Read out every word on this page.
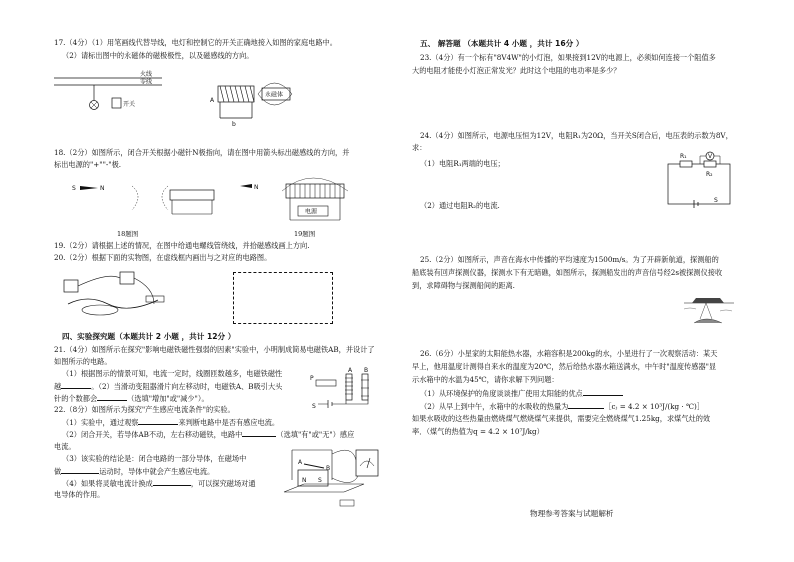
17.（4分）（1）用笔画线代替导线，电灯和控制它的开关正确地接入如图的家庭电路中。
（2）请标出图中的永磁体的磁极极性，以及磁感线的方向。
火线
零线
开关
A
永磁体
b
18.（2分）如图所示，闭合开关根据小磁针N极指向，请在图中用箭头标出磁感线的方向，并
标出电源的"+""-"极.
S	N
18题图
N
电源
19题图
19.（2分）请根据上述的情况，在图中给通电螺线管绕线，并拾磁感线画上方向.
20.（2分）根据下面的实物图，在虚线框内画出与之对应的电路图。
四、实验探究题（本题共计 2 小题 ，共计 12分 ）
21.（4分）如图所示在探究"影响电磁铁磁性强弱的因素"实验中，小明制成简易电磁铁AB，并设计了
如图所示的电路。
（1）根据图示的情景可知，电流一定时，线圈匝数越多，电磁铁磁性
越	。（2）当滑动变阻器滑片向左移动时，电磁铁A、B吸引大头
针的个数都会	（选填"增加"或"减少"）。
P
A B
S
22.（8分）如图所示为探究"产生感应电流条件"的实验。
（1）实验中，通过观察	来判断电路中是否有感应电流。
（2）闭合开关，若导体AB不动，左右移动磁铁，电路中	（选填"有"或"无"）感应
电流。
（3）该实验的结论是：闭合电路的一部分导体，在磁场中
做	运动时，导体中就会产生感应电流。
（4）如果将灵敏电流计换成	，可以探究磁场对通
电导体的作用。
N S
A
B
五、 解答题 （本题共计 4 小题 ，共计 16分 ）
23.（4分）有一个标有"8V4W"的小灯泡，如果接到12V的电源上，必须如何连接一个阻值多
大的电阻才能使小灯泡正常发光？此时这个电阻的电功率是多少？
24.（4分）如图所示，电源电压恒为12V，电阻R₁为20Ω，当开关S闭合后，电压表的示数为8V，
求：
（1）电阻R₁两端的电压；
（2）通过电阻R₂的电流.
R₁
R₂
V
S
25.（2分）如图所示，声音在海水中传播的平均速度为1500m/s。为了开辟新航道，探测船的
船底装有回声探测仪器，探测水下有无暗礁，如图所示，探测船发出的声音信号经2s被探测仪接收
到，求障碍物与探测船间的距离.
26.（6分）小星家的太阳能热水器，水箱容积是200kg的水，小星进行了一次观察活动：某天
早上，他用温度计测得自来水的温度为20℃，然后给热水器水箱送满水，中午时"温度传感器"显
示水箱中的水温为45℃，请你求解下列问题：
（1）从环境保护的角度谈谈推广使用太阳能的优点
（2）从早上到中午，水箱中的水吸收的热量为	［cⱼ = 4.2 × 10³J/(kg · ℃)］
如果水吸收的这些热量由燃烧煤气燃烧煤气来提供，需要完全燃烧煤气1.25kg，求煤气灶的效
率．（煤气的热值为q = 4.2 × 10⁷J/kg）
物理参考答案与试题解析
